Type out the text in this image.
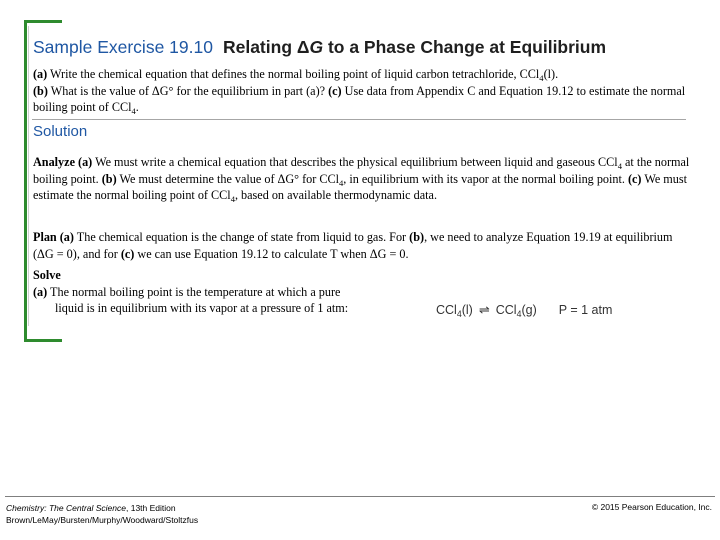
Sample Exercise 19.10 Relating ΔG to a Phase Change at Equilibrium

(a) Write the chemical equation that defines the normal boiling point of liquid carbon tetrachloride, CCl$_4$(l).
(b) What is the value of ΔG° for the equilibrium in part (a)? (c) Use data from Appendix C and Equation 19.12 to estimate the normal boiling point of CCl$_4$.

Solution

Analyze (a) We must write a chemical equation that describes the physical equilibrium between liquid and gaseous CCl$_4$ at the normal boiling point. (b) We must determine the value of ΔG° for CCl$_4$, in equilibrium with its vapor at the normal boiling point. (c) We must estimate the normal boiling point of CCl$_4$, based on available thermodynamic data.

Plan (a) The chemical equation is the change of state from liquid to gas. For (b), we need to analyze Equation 19.19 at equilibrium (ΔG = 0), and for (c) we can use Equation 19.12 to calculate T when ΔG = 0.

Solve

(a) The normal boiling point is the temperature at which a pure

liquid is in equilibrium with its vapor at a pressure of 1 atm:	CCl$_4$(l) ⇌ CCl$_4$(g) P = 1 atm
Chemistry: The Central Science, 13th Edition
Brown/LeMay/Bursten/Murphy/Woodward/Stoltzfus
© 2015 Pearson Education, Inc.
